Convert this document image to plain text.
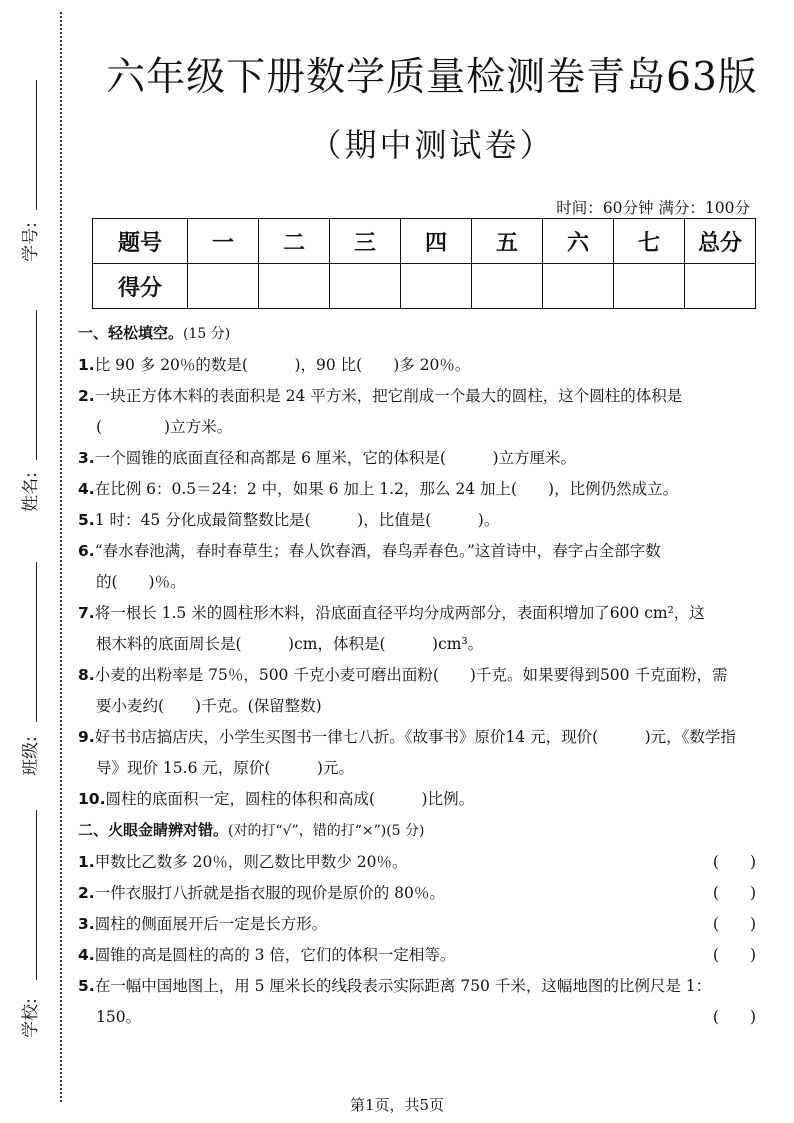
学号:
姓名:
班级:
学校:
六年级下册数学质量检测卷青岛63版
（期中测试卷）
时间：60分钟 满分：100分
题号	一	二	三	四	五	六	七	总分
得分								
一、轻松填空。(15 分)
1.比 90 多 20％的数是(　　　)，90 比(　　)多 20％。
2.一块正方体木料的表面积是 24 平方米，把它削成一个最大的圆柱，这个圆柱的体积是
(　　　　)立方米。
3.一个圆锥的底面直径和高都是 6 厘米，它的体积是(　　　)立方厘米。
4.在比例 6：0.5＝24：2 中，如果 6 加上 1.2，那么 24 加上(　　)，比例仍然成立。
5.1 时：45 分化成最简整数比是(　　　)，比值是(　　　)。
6.“春水春池满，春时春草生；春人饮春酒，春鸟弄春色。”这首诗中，春字占全部字数
的(　　)％。
7.将一根长 1.5 米的圆柱形木料，沿底面直径平均分成两部分，表面积增加了600 cm²，这
根木料的底面周长是(　　　)cm，体积是(　　　)cm³。
8.小麦的出粉率是 75％，500 千克小麦可磨出面粉(　　)千克。如果要得到500 千克面粉，需
要小麦约(　　)千克。(保留整数)
9.好书书店搞店庆，小学生买图书一律七八折。《故事书》原价14 元，现价(　　　)元，《数学指
导》现价 15.6 元，原价(　　　)元。
10.圆柱的底面积一定，圆柱的体积和高成(　　　)比例。
二、火眼金睛辨对错。(对的打“√”，错的打“×”)(5 分)
1.甲数比乙数多 20％，则乙数比甲数少 20％。	(　　)
2.一件衣服打八折就是指衣服的现价是原价的 80％。	(　　)
3.圆柱的侧面展开后一定是长方形。	(　　)
4.圆锥的高是圆柱的高的 3 倍，它们的体积一定相等。	(　　)
5.在一幅中国地图上，用 5 厘米长的线段表示实际距离 750 千米，这幅地图的比例尺是 1：
150。	(　　)
第1页，共5页
